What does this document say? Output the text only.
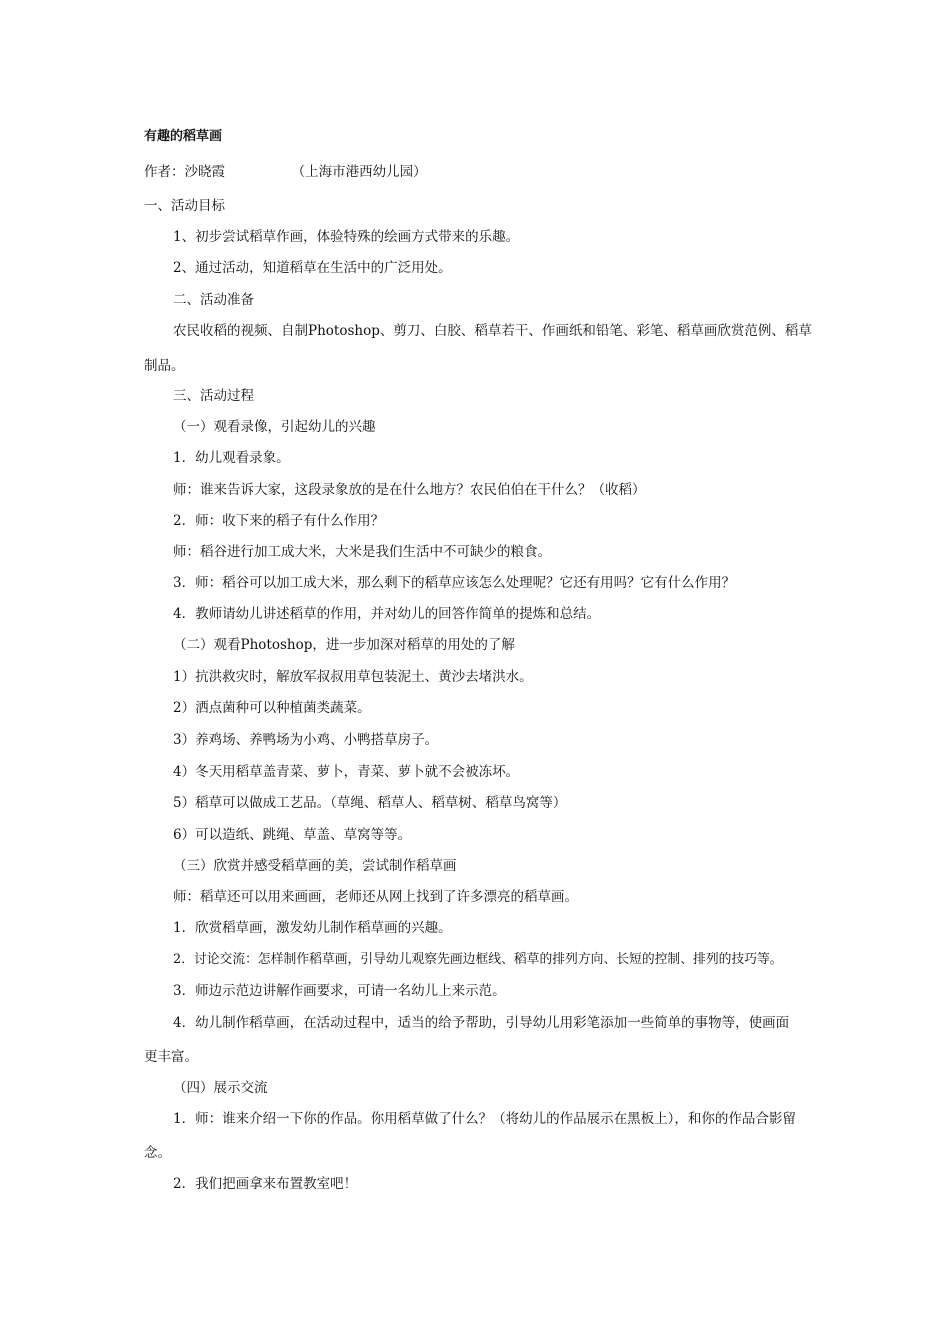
有趣的稻草画
作者：沙晓霞	（上海市港西幼儿园）
一、活动目标
1、初步尝试稻草作画，体验特殊的绘画方式带来的乐趣。
2、通过活动，知道稻草在生活中的广泛用处。
二、活动准备
农民收稻的视频、自制Photoshop、剪刀、白胶、稻草若干、作画纸和铅笔、彩笔、稻草画欣赏范例、稻草
制品。
三、活动过程
（一）观看录像，引起幼儿的兴趣
1．幼儿观看录象。
师：谁来告诉大家，这段录象放的是在什么地方？农民伯伯在干什么？（收稻）
2．师：收下来的稻子有什么作用？
师：稻谷进行加工成大米，大米是我们生活中不可缺少的粮食。
3．师：稻谷可以加工成大米，那么剩下的稻草应该怎么处理呢？它还有用吗？它有什么作用？
4．教师请幼儿讲述稻草的作用，并对幼儿的回答作简单的提炼和总结。
（二）观看Photoshop，进一步加深对稻草的用处的了解
1）抗洪救灾时，解放军叔叔用草包装泥土、黄沙去堵洪水。
2）洒点菌种可以种植菌类蔬菜。
3）养鸡场、养鸭场为小鸡、小鸭搭草房子。
4）冬天用稻草盖青菜、萝卜，青菜、萝卜就不会被冻坏。
5）稻草可以做成工艺品。（草绳、稻草人、稻草树、稻草鸟窝等）
6）可以造纸、跳绳、草盖、草窝等等。
（三）欣赏并感受稻草画的美，尝试制作稻草画
师：稻草还可以用来画画，老师还从网上找到了许多漂亮的稻草画。
1．欣赏稻草画，激发幼儿制作稻草画的兴趣。
2．讨论交流：怎样制作稻草画，引导幼儿观察先画边框线、稻草的排列方向、长短的控制、排列的技巧等。
3．师边示范边讲解作画要求，可请一名幼儿上来示范。
4．幼儿制作稻草画，在活动过程中，适当的给予帮助，引导幼儿用彩笔添加一些简单的事物等，使画面
更丰富。
（四）展示交流
1．师：谁来介绍一下你的作品。你用稻草做了什么？（将幼儿的作品展示在黑板上），和你的作品合影留
念。
2．我们把画拿来布置教室吧！
